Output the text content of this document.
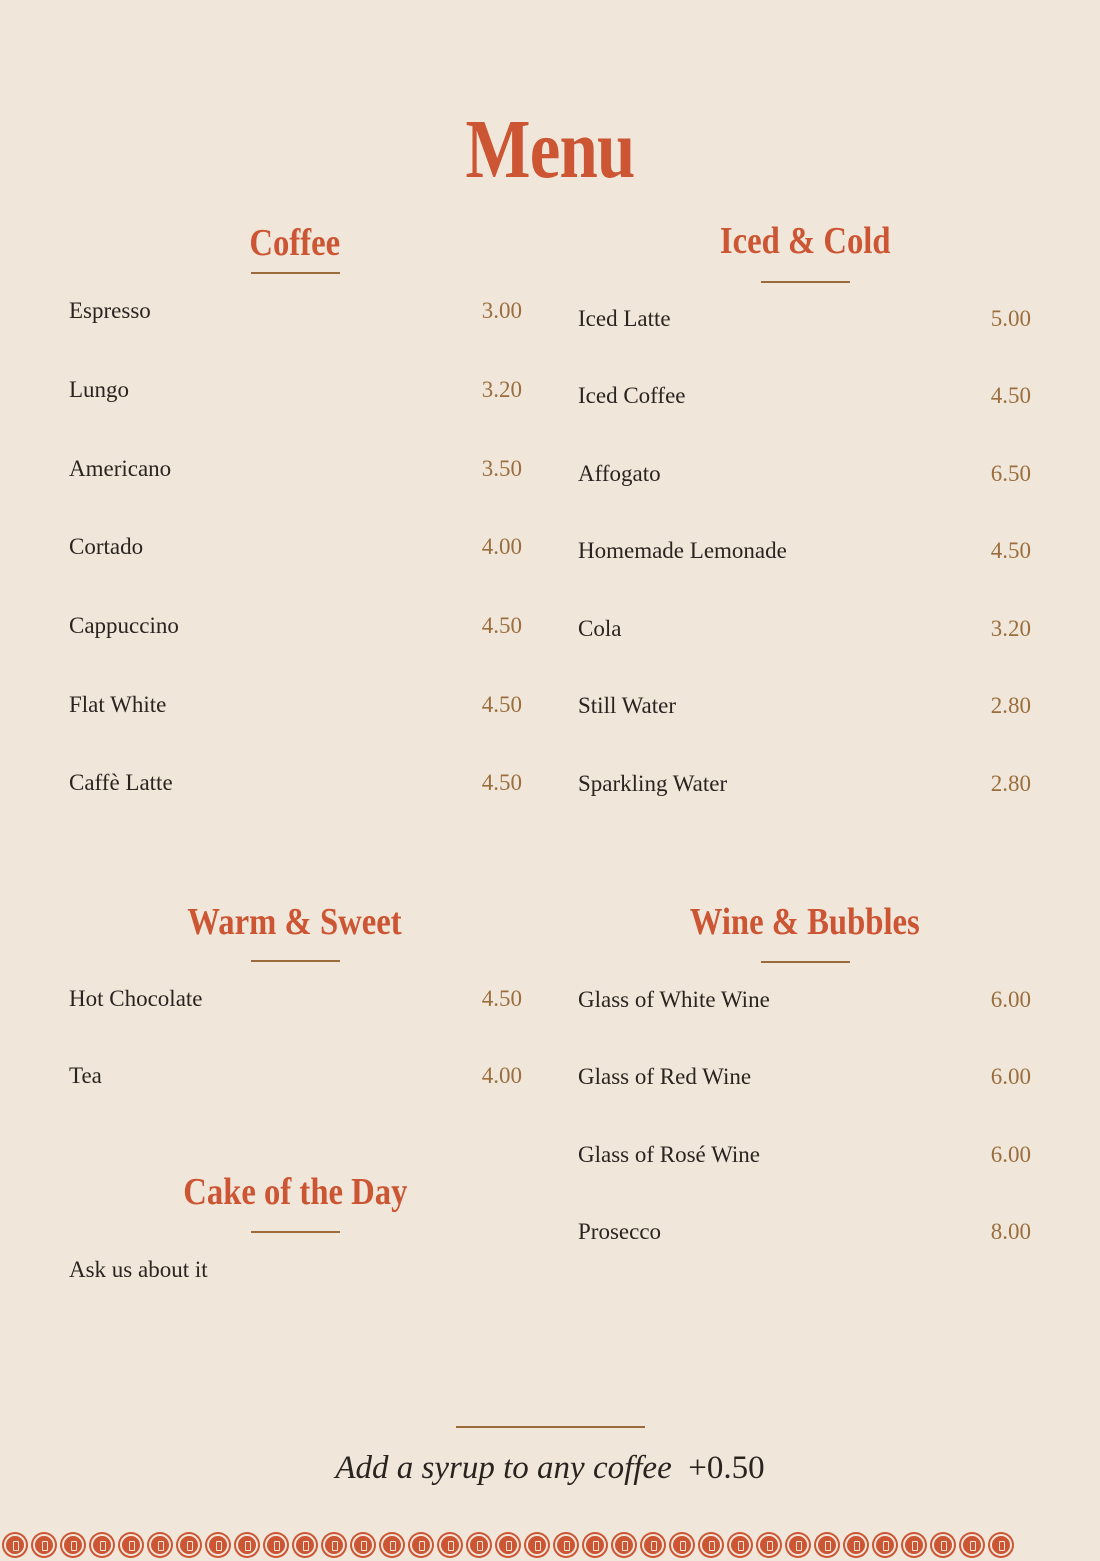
Menu
Coffee
Espresso	3.00
Lungo	3.20
Americano	3.50
Cortado	4.00
Cappuccino	4.50
Flat White	4.50
Caffè Latte	4.50
Iced & Cold
Iced Latte	5.00
Iced Coffee	4.50
Affogato	6.50
Homemade Lemonade	4.50
Cola	3.20
Still Water	2.80
Sparkling Water	2.80
Warm & Sweet
Hot Chocolate	4.50
Tea	4.00
Cake of the Day
Ask us about it
Wine & Bubbles
Glass of White Wine	6.00
Glass of Red Wine	6.00
Glass of Rosé Wine	6.00
Prosecco	8.00
Add a syrup to any coffee +0.50
